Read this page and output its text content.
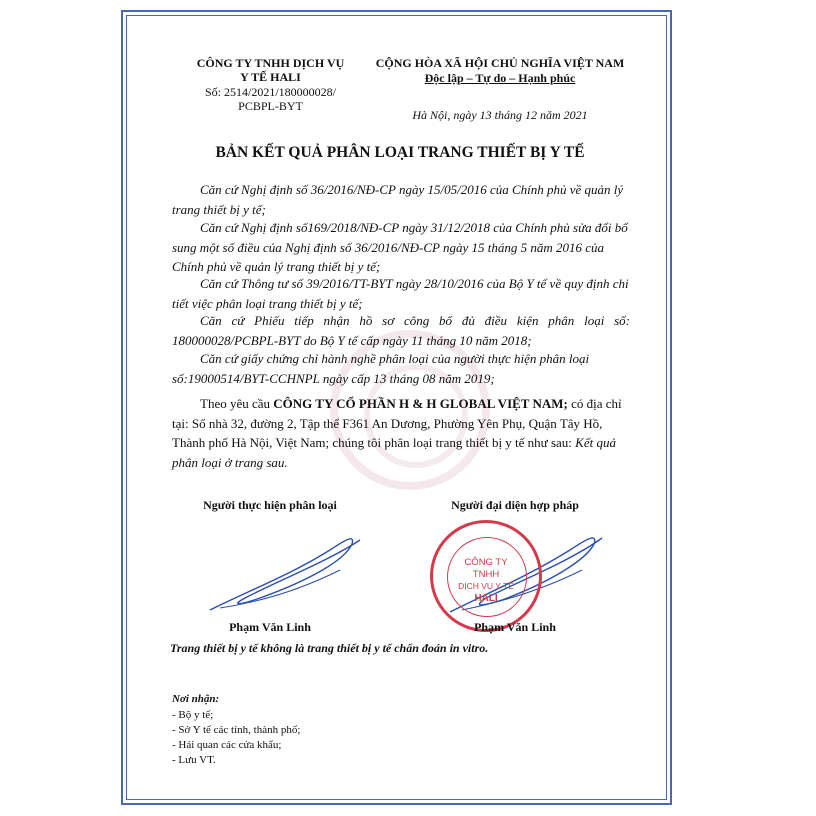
CÔNG TY TNHH DỊCH VỤ
Y TẾ HALI
Số: 2514/2021/180000028/
PCBPL-BYT
CỘNG HÒA XÃ HỘI CHỦ NGHĨA VIỆT NAM
Độc lập – Tự do – Hạnh phúc
Hà Nội, ngày 13 tháng 12 năm 2021
BẢN KẾT QUẢ PHÂN LOẠI TRANG THIẾT BỊ Y TẾ
Căn cứ Nghị định số 36/2016/NĐ-CP ngày 15/05/2016 của Chính phủ về quản lý trang thiết bị y tế;
Căn cứ Nghị định số169/2018/NĐ-CP ngày 31/12/2018 của Chính phủ sửa đổi bổ sung một số điều của Nghị định số 36/2016/NĐ-CP ngày 15 tháng 5 năm 2016 của Chính phủ về quản lý trang thiết bị y tế;
Căn cứ Thông tư số 39/2016/TT-BYT ngày 28/10/2016 của Bộ Y tế về quy định chi tiết việc phân loại trang thiết bị y tế;
Căn cứ Phiếu tiếp nhận hồ sơ công bố đủ điều kiện phân loại số: 180000028/PCBPL-BYT do Bộ Y tế cấp ngày 11 tháng 10 năm 2018;
Căn cứ giấy chứng chỉ hành nghề phân loại của người thực hiện phân loại số:19000514/BYT-CCHNPL ngày cấp 13 tháng 08 năm 2019;
Theo yêu cầu CÔNG TY CỔ PHẦN H & H GLOBAL VIỆT NAM; có địa chỉ tại: Số nhà 32, đường 2, Tập thể F361 An Dương, Phường Yên Phụ, Quận Tây Hồ, Thành phố Hà Nội, Việt Nam; chúng tôi phân loại trang thiết bị y tế như sau: Kết quả phân loại ở trang sau.
Người thực hiện phân loại	Người đại diện hợp pháp
CÔNG TY
TNHH
DỊCH VỤ Y TẾ
HALI
Phạm Văn Linh	Phạm Văn Linh
Trang thiết bị y tế không là trang thiết bị y tế chẩn đoán in vitro.
Nơi nhận:
- Bộ y tế;
- Sở Y tế các tỉnh, thành phố;
- Hải quan các cửa khẩu;
- Lưu VT.
